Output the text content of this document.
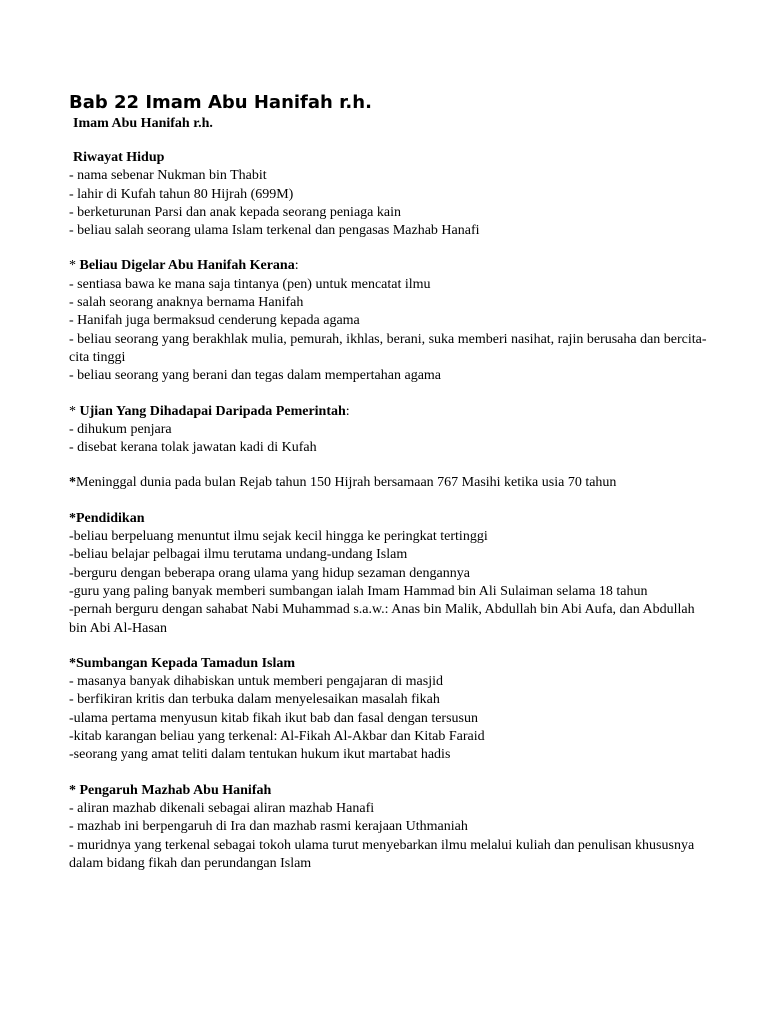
Bab 22 Imam Abu Hanifah r.h.
Imam Abu Hanifah r.h.
Riwayat Hidup
- nama sebenar Nukman bin Thabit
- lahir di Kufah tahun 80 Hijrah (699M)
- berketurunan Parsi dan anak kepada seorang peniaga kain
- beliau salah seorang ulama Islam terkenal dan pengasas Mazhab Hanafi
* Beliau Digelar Abu Hanifah Kerana:
- sentiasa bawa ke mana saja tintanya (pen) untuk mencatat ilmu
- salah seorang anaknya bernama Hanifah
- Hanifah juga bermaksud cenderung kepada agama
- beliau seorang yang berakhlak mulia, pemurah, ikhlas, berani, suka memberi nasihat, rajin berusaha dan bercita-cita tinggi
- beliau seorang yang berani dan tegas dalam mempertahan agama
* Ujian Yang Dihadapai Daripada Pemerintah:
- dihukum penjara
- disebat kerana tolak jawatan kadi di Kufah
*Meninggal dunia pada bulan Rejab tahun 150 Hijrah bersamaan 767 Masihi ketika usia 70 tahun
*Pendidikan
-beliau berpeluang menuntut ilmu sejak kecil hingga ke peringkat tertinggi
-beliau belajar pelbagai ilmu terutama undang-undang Islam
-berguru dengan beberapa orang ulama yang hidup sezaman dengannya
-guru yang paling banyak memberi sumbangan ialah Imam Hammad bin Ali Sulaiman selama 18 tahun
-pernah berguru dengan sahabat Nabi Muhammad s.a.w.: Anas bin Malik, Abdullah bin Abi Aufa, dan Abdullah bin Abi Al-Hasan
*Sumbangan Kepada Tamadun Islam
- masanya banyak dihabiskan untuk memberi pengajaran di masjid
- berfikiran kritis dan terbuka dalam menyelesaikan masalah fikah
-ulama pertama menyusun kitab fikah ikut bab dan fasal dengan tersusun
-kitab karangan beliau yang terkenal: Al-Fikah Al-Akbar dan Kitab Faraid
-seorang yang amat teliti dalam tentukan hukum ikut martabat hadis
* Pengaruh Mazhab Abu Hanifah
- aliran mazhab dikenali sebagai aliran mazhab Hanafi
- mazhab ini berpengaruh di Ira dan mazhab rasmi kerajaan Uthmaniah
- muridnya yang terkenal sebagai tokoh ulama turut menyebarkan ilmu melalui kuliah dan penulisan khususnya dalam bidang fikah dan perundangan Islam
